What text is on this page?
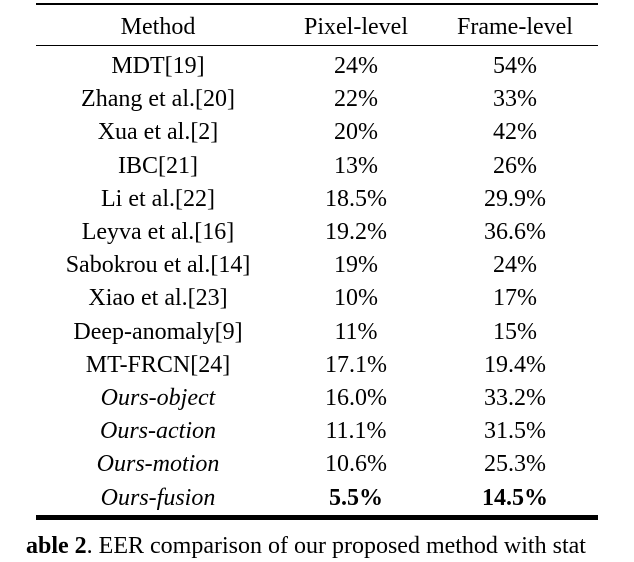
Method	Pixel-level	Frame-level
MDT[19]	24%	54%
Zhang et al.[20]	22%	33%
Xua et al.[2]	20%	42%
IBC[21]	13%	26%
Li et al.[22]	18.5%	29.9%
Leyva et al.[16]	19.2%	36.6%
Sabokrou et al.[14]	19%	24%
Xiao et al.[23]	10%	17%
Deep-anomaly[9]	11%	15%
MT-FRCN[24]	17.1%	19.4%
Ours-object	16.0%	33.2%
Ours-action	11.1%	31.5%
Ours-motion	10.6%	25.3%
Ours-fusion	5.5%	14.5%
able 2. EER comparison of our proposed method with stat
